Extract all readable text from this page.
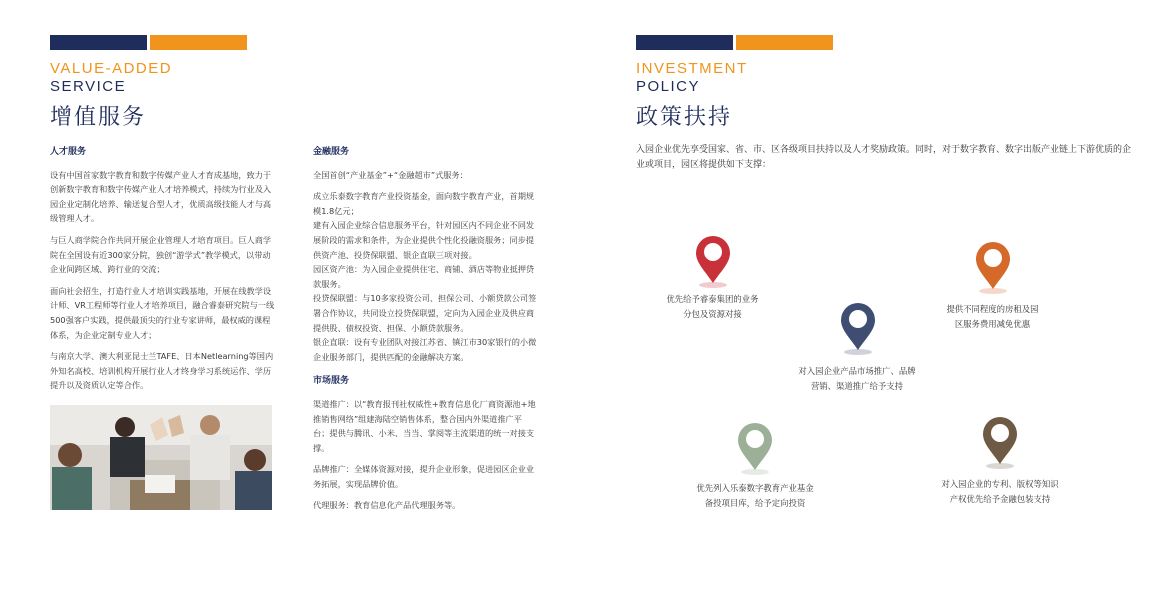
VALUE-ADDED
SERVICE
增值服务
人才服务

设有中国首家数字教育和数字传媒产业人才育成基地，致力于创新数字教育和数字传媒产业人才培养模式，持续为行业及入园企业定制化培养、输送复合型人才，优质高级技能人才与高级管理人才。

与巨人商学院合作共同开展企业管理人才培育项目。巨人商学院在全国设有近300家分院，独创“游学式”教学模式，以带动企业间跨区域、跨行业的交流；

面向社会招生，打造行业人才培训实践基地，开展在线教学设计师、VR工程师等行业人才培养项目，融合睿泰研究院与一线500强客户实践，提供最顶尖的行业专家讲师，最权威的课程体系，为企业定制专业人才；

与南京大学、澳大利亚昆士兰TAFE、日本Netlearning等国内外知名高校、培训机构开展行业人才终身学习系统运作、学历提升以及资质认定等合作。

金融服务

全国首创“产业基金”+“金融超市”式服务：

成立乐泰数字教育产业投资基金，面向数字教育产业，首期规模1.8亿元；
建有入园企业综合信息服务平台，针对园区内不同企业不同发展阶段的需求和条件，为企业提供个性化投融资服务；同步提供资产池、投贷保联盟、银企直联三项对接。
园区资产池：为入园企业提供住宅、商铺、酒店等物业抵押贷款服务。
投贷保联盟：与10多家投资公司、担保公司、小额贷款公司签署合作协议，共同设立投贷保联盟，定向为入园企业及供应商提供股、债权投资、担保、小额贷款服务。
银企直联：设有专业团队对接江苏省、镇江市30家银行的小微企业服务部门，提供匹配的金融解决方案。
市场服务

渠道推广：以“教育报刊社权威性+教育信息化厂商资源池+地推销售网络”组建海陆空销售体系，整合国内外渠道推广平台；提供与腾讯、小米、当当、掌阅等主流渠道的统一对接支撑。

品牌推广：全媒体资源对接，提升企业形象，促进园区企业业务拓展，实现品牌价值。

代理服务：教育信息化产品代理服务等。

INVESTMENT
POLICY
政策扶持
入园企业优先享受国家、省、市、区各级项目扶持以及人才奖励政策。同时，对于数字教育、数字出版产业链上下游优质的企业或项目，园区将提供如下支撑：
优先给予睿泰集团的业务
分包及资源对接	提供不同程度的房租及园
区服务费用减免优惠
对入园企业产品市场推广、品牌
营销、渠道推广给予支持
优先列入乐泰数字教育产业基金
备投项目库，给予定向投资
对入园企业的专利、版权等知识
产权优先给予金融包装支持
